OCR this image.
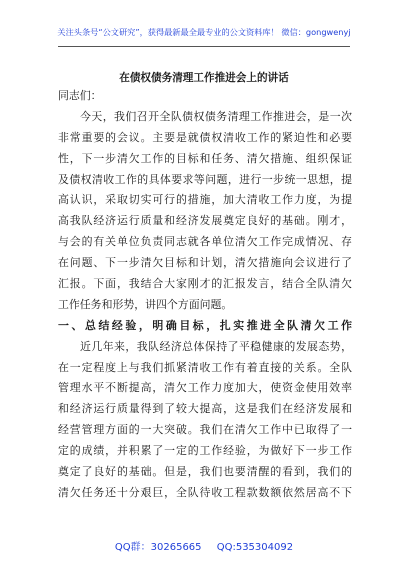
关注头条号“公文研究”，获得最新最全最专业的公文资料库！ 微信：gongwenyj
在债权债务清理工作推进会上的讲话
同志们：
今天，我们召开全队债权债务清理工作推进会，是一次
非常重要的会议。主要是就债权清收工作的紧迫性和必要
性，下一步清欠工作的目标和任务、清欠措施、组织保证
及债权清收工作的具体要求等问题，进行一步统一思想，提
高认识，采取切实可行的措施，加大清收工作力度，为提
高我队经济运行质量和经济发展奠定良好的基础。刚才，
与会的有关单位负责同志就各单位清欠工作完成情况、存
在问题、下一步清欠目标和计划，清欠措施向会议进行了
汇报。下面，我结合大家刚才的汇报发言，结合全队清欠
工作任务和形势，讲四个方面问题。
一、总结经验，明确目标，扎实推进全队清欠工作
近几年来，我队经济总体保持了平稳健康的发展态势，
在一定程度上与我们抓紧清收工作有着直接的关系。全队
管理水平不断提高，清欠工作力度加大，使资金使用效率
和经济运行质量得到了较大提高，这是我们在经济发展和
经营管理方面的一大突破。我们在清欠工作中已取得了一
定的成绩，并积累了一定的工作经验，为做好下一步工作
奠定了良好的基础。但是，我们也要清醒的看到，我们的
清欠任务还十分艰巨，全队待收工程款数额依然居高不下
QQ群：30265665 QQ:535304092
